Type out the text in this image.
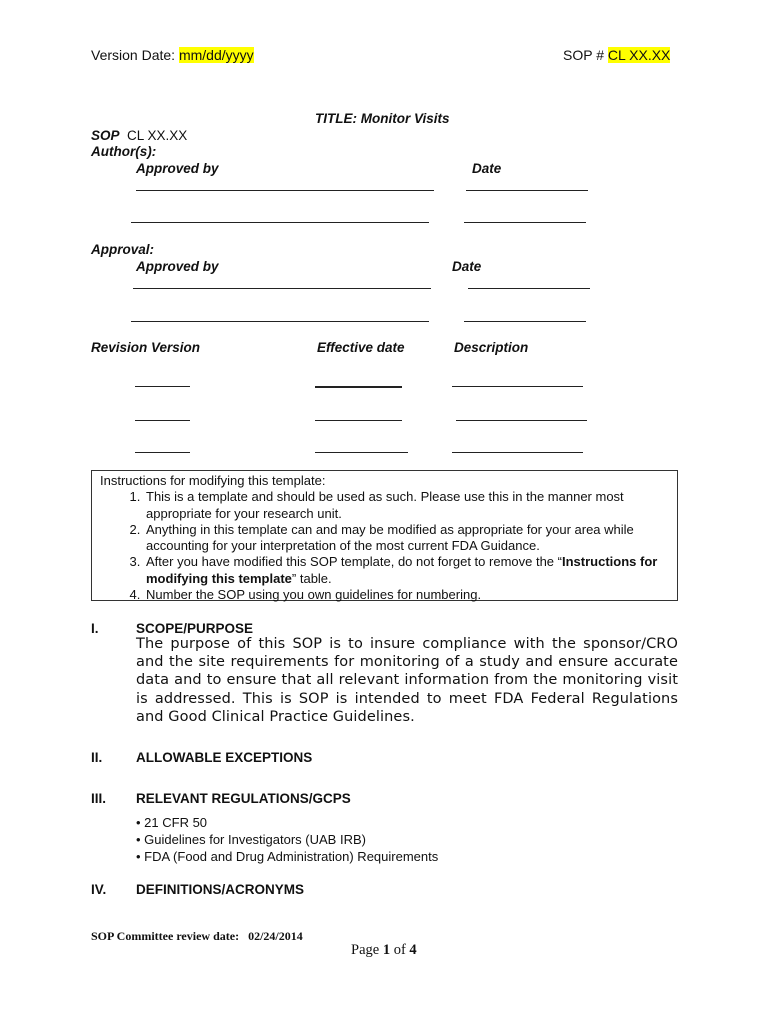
Version Date: mm/dd/yyyy	SOP # CL XX.XX
TITLE: Monitor Visits
SOP CL XX.XX
Author(s):
Approved by	Date
Approval:
Approved by	Date
Revision Version	Effective date	Description
Instructions for modifying this template:
1. This is a template and should be used as such. Please use this in the manner most appropriate for your research unit.
2. Anything in this template can and may be modified as appropriate for your area while accounting for your interpretation of the most current FDA Guidance.
3. After you have modified this SOP template, do not forget to remove the “Instructions for modifying this template” table.
4. Number the SOP using you own guidelines for numbering.
I.	SCOPE/PURPOSE
The purpose of this SOP is to insure compliance with the sponsor/CRO and the site requirements for monitoring of a study and ensure accurate data and to ensure that all relevant information from the monitoring visit is addressed. This is SOP is intended to meet FDA Federal Regulations and Good Clinical Practice Guidelines.
II. ALLOWABLE EXCEPTIONS
III. RELEVANT REGULATIONS/GCPS
• 21 CFR 50
• Guidelines for Investigators (UAB IRB)
• FDA (Food and Drug Administration) Requirements
IV. DEFINITIONS/ACRONYMS
SOP Committee review date: 02/24/2014
Page 1 of 4
